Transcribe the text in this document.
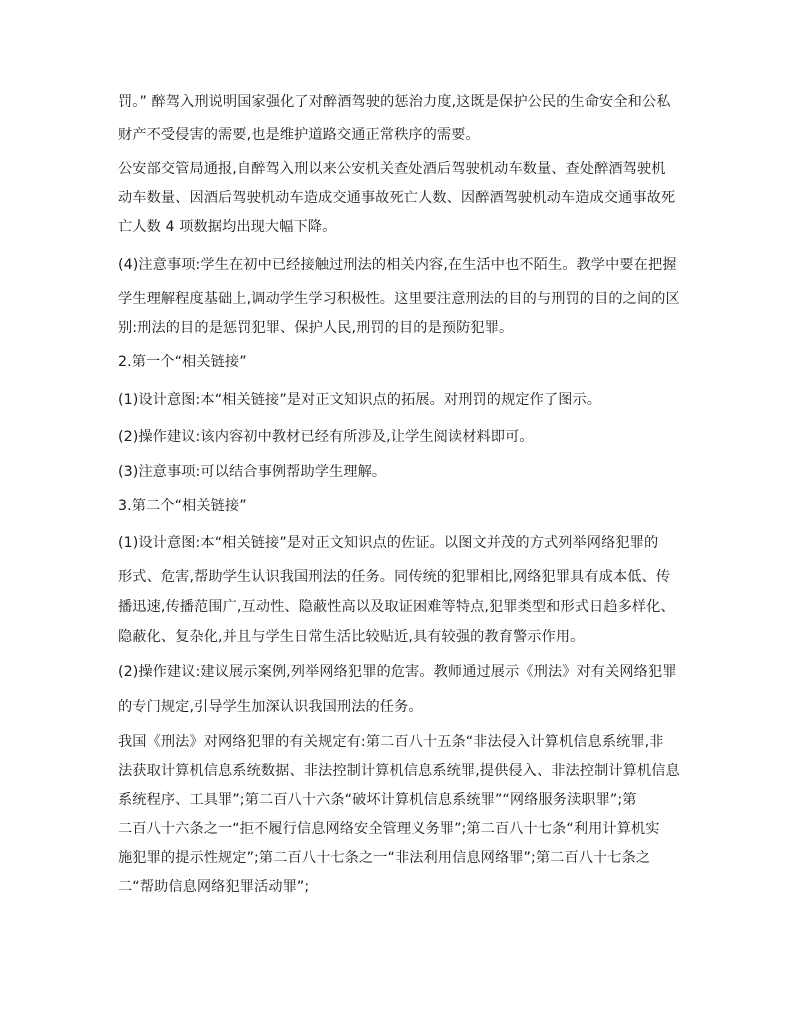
罚。” 醉驾入刑说明国家强化了对醉酒驾驶的惩治力度,这既是保护公民的生命安全和公私
财产不受侵害的需要,也是维护道路交通正常秩序的需要。
公安部交管局通报,自醉驾入刑以来公安机关查处酒后驾驶机动车数量、查处醉酒驾驶机
动车数量、因酒后驾驶机动车造成交通事故死亡人数、因醉酒驾驶机动车造成交通事故死
亡人数 4 项数据均出现大幅下降。
(4)注意事项:学生在初中已经接触过刑法的相关内容,在生活中也不陌生。教学中要在把握
学生理解程度基础上,调动学生学习积极性。这里要注意刑法的目的与刑罚的目的之间的区
别:刑法的目的是惩罚犯罪、保护人民,刑罚的目的是预防犯罪。
2.第一个“相关链接”
(1)设计意图:本“相关链接”是对正文知识点的拓展。对刑罚的规定作了图示。
(2)操作建议:该内容初中教材已经有所涉及,让学生阅读材料即可。
(3)注意事项:可以结合事例帮助学生理解。
3.第二个“相关链接”
(1)设计意图:本“相关链接”是对正文知识点的佐证。以图文并茂的方式列举网络犯罪的
形式、危害,帮助学生认识我国刑法的任务。同传统的犯罪相比,网络犯罪具有成本低、传
播迅速,传播范围广,互动性、隐蔽性高以及取证困难等特点,犯罪类型和形式日趋多样化、
隐蔽化、复杂化,并且与学生日常生活比较贴近,具有较强的教育警示作用。
(2)操作建议:建议展示案例,列举网络犯罪的危害。教师通过展示《刑法》对有关网络犯罪
的专门规定,引导学生加深认识我国刑法的任务。
我国《刑法》对网络犯罪的有关规定有:第二百八十五条“非法侵入计算机信息系统罪,非
法获取计算机信息系统数据、非法控制计算机信息系统罪,提供侵入、非法控制计算机信息
系统程序、工具罪”;第二百八十六条“破坏计算机信息系统罪”“网络服务渎职罪”;第
二百八十六条之一“拒不履行信息网络安全管理义务罪”;第二百八十七条“利用计算机实
施犯罪的提示性规定”;第二百八十七条之一“非法利用信息网络罪”;第二百八十七条之
二“帮助信息网络犯罪活动罪”;
